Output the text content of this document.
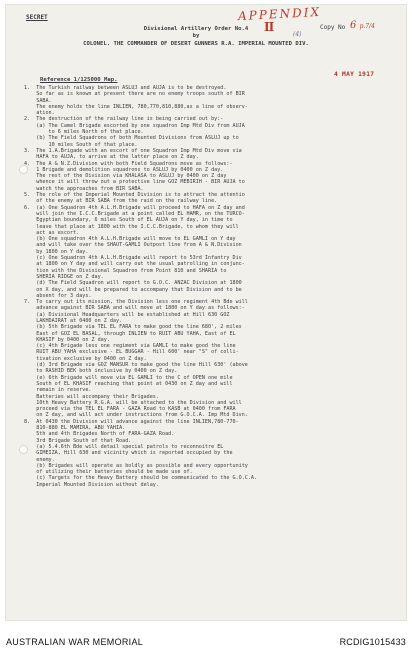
SECRET	APPENDIX
II
(4)
Copy No 6 p.7/4
Divisional Artillery Order No.4
by
COLONEL. THE COMMANDER OF DESERT GUNNERS R.A. IMPERIAL MOUNTED DIV.
4 MAY 1917
Reference 1/125000 Map.
1.  The Turkish railway between ASLUJ and AUJA is to be destroyed.
So far as is known at present there are no enemy troops south of BIR
SABA.
The enemy holds the line INLIEN, 780,770,810,880,as a line of observ-
ation.
2.  The destruction of the railway line is being carried out by:-
(a) The Camel Brigade escorted by one squadron Imp Mtd Div from AUJA
to 6 miles North of that place.
(b) The Field Squadrons of both Mounted Divisions from ASLUJ up to
10 miles South of that place.
3.  The 1.A.Brigade with an escort of one Squadron Imp Mtd Div move via
HAFA to AUJA, to arrive at the latter place on Z day.
4.  The A & N.Z.Division with both Field Squadrons move as follows:-
1 Brigade and demolition squadrons to ASLUJ by 0400 on Z day.
The rest of the Division via KHALASA to ASLUJ by 0400 on Z day
whence it will throw out a protective line GOZ MEBIRIH - BIR AUJA to
watch the approaches from BIR SABA.
5.  The role of the Imperial Mounted Division is to attract the attentio
of the enemy at BIR SABA from the raid on the railway line.
6.  (a) One Squadron 4th A.L.H.Brigade will proceed to HAFA on Z day and
will join the I.C.C.Brigade at a point called EL HAMR, on the TURCO-
Egyptian boundary, 6 miles South of EL AUJA on Y day, in time to
leave that place at 1800 with the I.C.C.Brigade, to whom they will
act as escort.
(b) One squadron 4th A.L.H.Brigade will move to EL GAMLI on Y day
and will take over the SHAUT-GAMLI Outpost line from A & N.Division
by 1800 on Y day.
(c) One Squadron 4th A.L.H.Brigade will report to 53rd Infantry Div
at 1800 on Y day and will carry out the usual patrolling in conjunc-
tion with the Divisional Squadron from Point 810 and SHARIA to
SHERIA RIDGE on Z day.
(d) The Field Squadron will report to G.O.C. ANZAC Division at 1800
on X day, and will be prepared to accompany that Division and to be
absent for 3 days.
7.  To carry out its mission, the Division less one regiment 4th Bde will
advance against BIR SABA and will move at 1800 on Y day as follows:-
(a) Divisional Headquarters will be established at Hill 630 GOZ
LAKHDAIRAT at 0400 on Z day.
(b) 5th Brigade via TEL EL FARA to make good the line 680', 2 miles
East of GOZ EL BASAL, through INLIEN to RUIT ABU YAHA, East of EL
KHASIF by 0400 on Z day.
(c) 4th Brigade less one regiment via GAMLI to make good the line
RUIT ABU YAHA exclusive - EL BUGGAR - Hill 600' near "S" of colli-
tivation exclusive by 0400 on Z day.
(d) 3rd Brigade via GOZ MANSUR to make good the line Hill 630' (above
to RASHID BEK both inclusive by 0400 on Z day.
(e) 6th Brigade will move via EL GAMLI to the C of OPEN one mile
South of EL KHASIF reaching that point at 0430 on Z day and will
remain in reserve.
Batteries will accompany their Brigades.
10th Heavy Battery R.G.A. will be attached to the Division and will
proceed via the TEL EL FARA - GAZA Road to KASB at 0400 from FARA
on Z day, and will act under instructions from G.O.C.A. Imp Mtd Divn.
8.  At 0430 the Division will advance against the line INLIEN,780-770-
810-880 EL MAMIRA, ABU YAHIA.
5th and 4th Brigades North of FARA-GAZA Road.
3rd Brigade South of that Road.
(a) 5.4.6th Bde will detail special patrols to reconnoitre EL
GIMEIZA, Hill 630 and vicinity which is reported occupied by the
enemy.
(b) Brigades will operate as boldly as possible and every opportunity
of utilizing their batteries should be made use of.
(c) Targets for the Heavy Battery should be communicated to the G.O.C.A.
Imperial Mounted Division without delay.
AUSTRALIAN WAR MEMORIAL	RCDIG1015433
